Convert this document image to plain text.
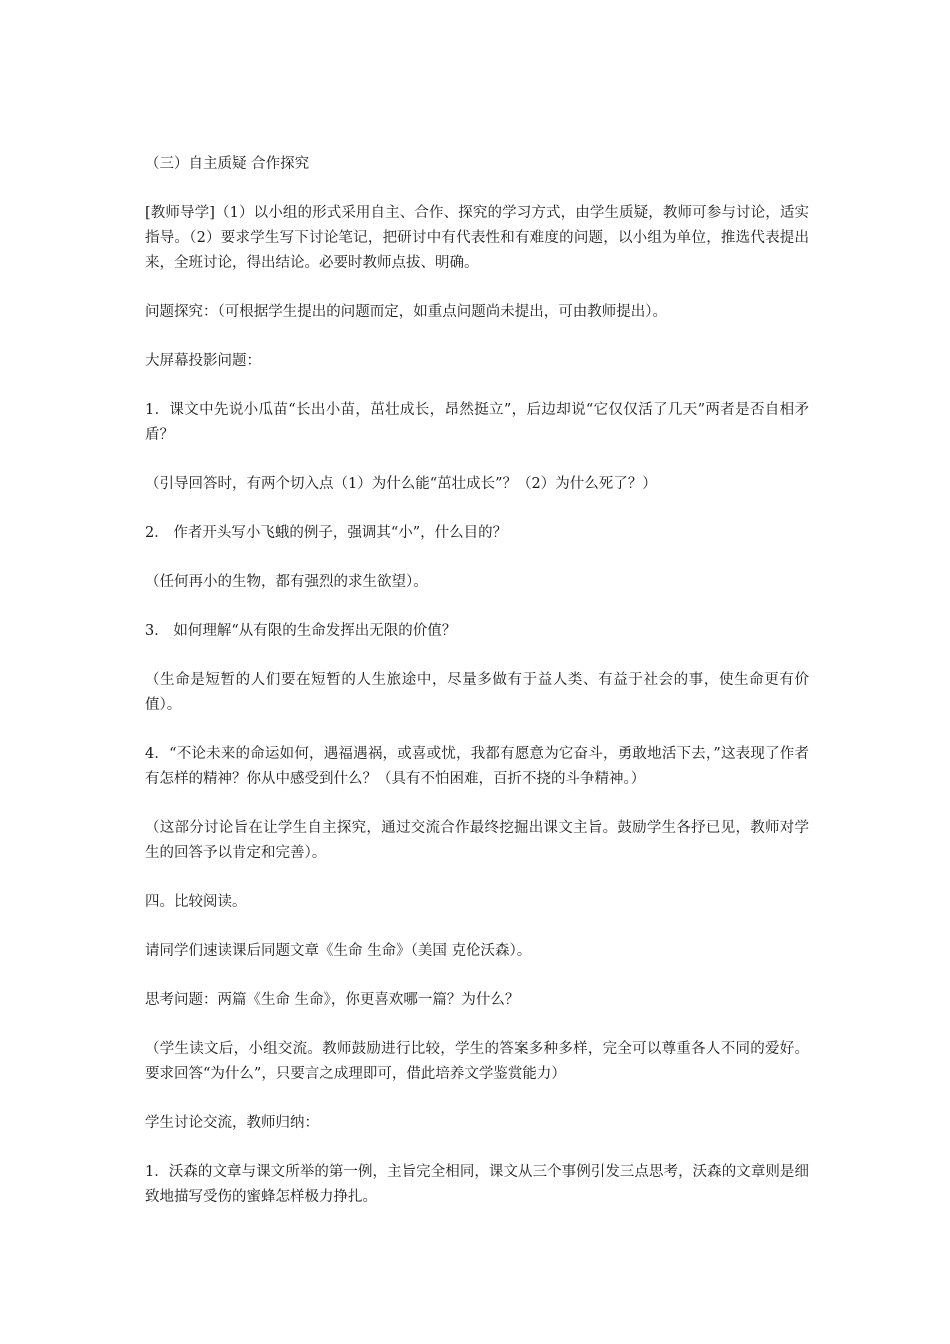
（三）自主质疑 合作探究

[教师导学]（1）以小组的形式采用自主、合作、探究的学习方式，由学生质疑，教师可参与讨论，适实指导。（2）要求学生写下讨论笔记，把研讨中有代表性和有难度的问题，以小组为单位，推选代表提出来，全班讨论，得出结论。必要时教师点拔、明确。

问题探究：（可根据学生提出的问题而定，如重点问题尚未提出，可由教师提出）。

大屏幕投影问题：

1．课文中先说小瓜苗“长出小苗，茁壮成长，昂然挺立”，后边却说“它仅仅活了几天”两者是否自相矛盾？

（引导回答时，有两个切入点（1）为什么能“茁壮成长”？（2）为什么死了？）

2． 作者开头写小飞蛾的例子，强调其“小”，什么目的？

（任何再小的生物，都有强烈的求生欲望）。

3． 如何理解“从有限的生命发挥出无限的价值？

（生命是短暂的人们要在短暂的人生旅途中，尽量多做有于益人类、有益于社会的事，使生命更有价值）。

4．“不论未来的命运如何，遇福遇祸，或喜或忧，我都有愿意为它奋斗，勇敢地活下去，”这表现了作者有怎样的精神？你从中感受到什么？（具有不怕困难，百折不挠的斗争精神。）

（这部分讨论旨在让学生自主探究，通过交流合作最终挖掘出课文主旨。鼓励学生各抒已见，教师对学生的回答予以肯定和完善）。

四。比较阅读。

请同学们速读课后同题文章《生命 生命》（美国 克伦沃森）。

思考问题：两篇《生命 生命》，你更喜欢哪一篇？为什么？

（学生读文后，小组交流。教师鼓励进行比较，学生的答案多种多样，完全可以尊重各人不同的爱好。要求回答“为什么”，只要言之成理即可，借此培养文学鉴赏能力）

学生讨论交流，教师归纳：

1．沃森的文章与课文所举的第一例，主旨完全相同，课文从三个事例引发三点思考，沃森的文章则是细致地描写受伤的蜜蜂怎样极力挣扎。
